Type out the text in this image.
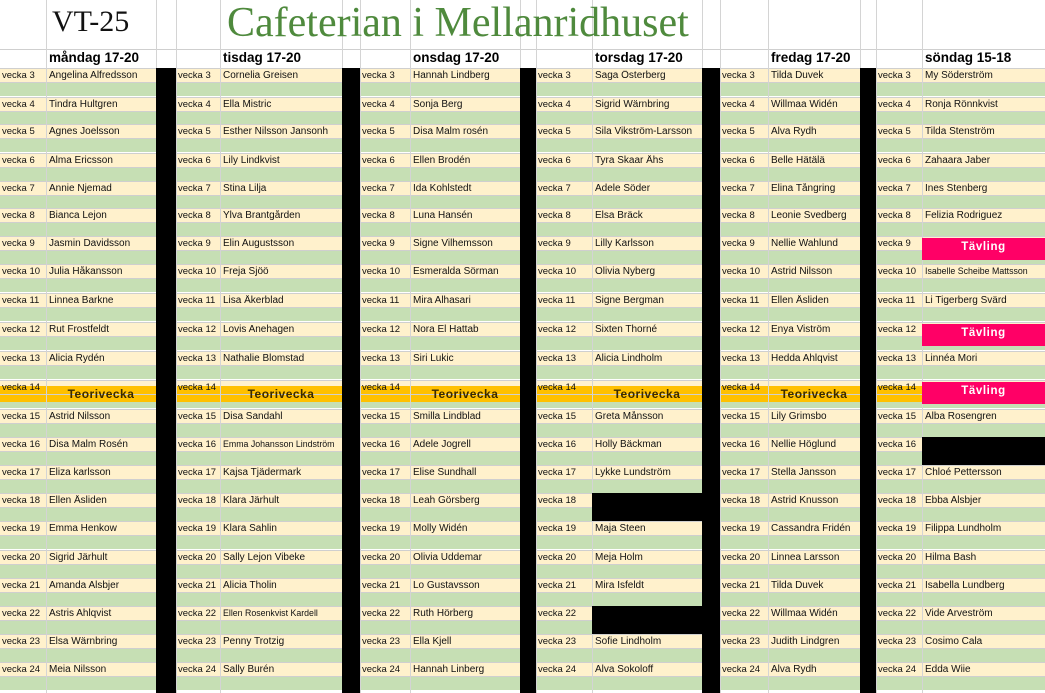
VT-25 Cafeterian i Mellanridhuset
måndag 17-20	tisdag 17-20	onsdag 17-20	torsdag 17-20	fredag 17-20	söndag 15-18
vecka 3	Angelina Alfredsson
vecka 4	Tindra Hultgren
vecka 5	Agnes Joelsson
vecka 6	Alma Ericsson
vecka 7	Annie Njemad
vecka 8	Bianca Lejon
vecka 9	Jasmin Davidsson
vecka 10 Julia Håkansson
vecka 11 Linnea Barkne
vecka 12 Rut Frostfeldt
vecka 13 Alicia Rydén
vecka 14	Teorivecka
vecka 15 Astrid Nilsson
vecka 16 Disa Malm Rosén
vecka 17 Eliza karlsson
vecka 18 Ellen Åsliden
vecka 19 Emma Henkow
vecka 20 Sigrid Järhult
vecka 21 Amanda Alsbjer
vecka 22 Astris Ahlqvist
vecka 23 Elsa Wärnbring
vecka 24 Meia Nilsson
vecka 3	Cornelia Greisen
vecka 4	Ella Mistric
vecka 5	Esther Nilsson Jansonh
vecka 6	Lily Lindkvist
vecka 7	Stina Lilja
vecka 8	Ylva Brantgården
vecka 9	Elin Augustsson
vecka 10 Freja Sjöö
vecka 11 Lisa Åkerblad
vecka 12 Lovis Anehagen
vecka 13 Nathalie Blomstad
vecka 14	Teorivecka
vecka 15 Disa Sandahl
vecka 16 Emma Johansson Lindström
vecka 17 Kajsa Tjädermark
vecka 18 Klara Järhult
vecka 19 Klara Sahlin
vecka 20 Sally Lejon Vibeke
vecka 21 Alicia Tholin
vecka 22 Ellen Rosenkvist Kardell
vecka 23 Penny Trotzig
vecka 24 Sally Burén
vecka 3	Hannah Lindberg
vecka 4	Sonja Berg
vecka 5	Disa Malm rosén
vecka 6	Ellen Brodén
vecka 7	Ida Kohlstedt
vecka 8	Luna Hansén
vecka 9	Signe Vilhemsson
vecka 10	Esmeralda Sörman
vecka 11	Mira Alhasari
vecka 12	Nora El Hattab
vecka 13	Siri Lukic
vecka 14	Teorivecka
vecka 15	Smilla Lindblad
vecka 16	Adele Jogrell
vecka 17	Elise Sundhall
vecka 18	Leah Görsberg
vecka 19	Molly Widén
vecka 20	Olivia Uddemar
vecka 21	Lo Gustavsson
vecka 22	Ruth Hörberg
vecka 23	Ella Kjell
vecka 24	Hannah Linberg
vecka 3	Saga Österberg
vecka 4	Sigrid Wärnbring
vecka 5	Sila Vikström-Larsson
vecka 6	Tyra Skaar Åhs
vecka 7	Adele Söder
vecka 8	Elsa Bräck
vecka 9	Lilly Karlsson
vecka 10	Olivia Nyberg
vecka 11	Signe Bergman
vecka 12	Sixten Thorné
vecka 13	Alicia Lindholm
vecka 14	Teorivecka
vecka 15	Greta Månsson
vecka 16	Holly Bäckman
vecka 17	Lykke Lundström
vecka 18
vecka 19	Maja Steen
vecka 20	Meja Holm
vecka 21	Mira Isfeldt
vecka 22
vecka 23	Sofie Lindholm
vecka 24	Alva Sokoloff
vecka 3	Tilda Duvek
vecka 4	Willmaa Widén
vecka 5	Alva Rydh
vecka 6	Belle Hätälä
vecka 7	Elina Tångring
vecka 8	Leonie Svedberg
vecka 9	Nellie Wahlund
vecka 10	Astrid Nilsson
vecka 11	Ellen Åsliden
vecka 12	Enya Viström
vecka 13	Hedda Ahlqvist
vecka 14	Teorivecka
vecka 15	Lily Grimsbo
vecka 16	Nellie Höglund
vecka 17	Stella Jansson
vecka 18	Astrid Knusson
vecka 19	Cassandra Fridén
vecka 20	Linnea Larsson
vecka 21	Tilda Duvek
vecka 22	Willmaa Widén
vecka 23	Judith Lindgren
vecka 24	Alva Rydh
vecka 3	My Söderström
vecka 4	Ronja Rönnkvist
vecka 5	Tilda Stenström
vecka 6	Zahaara Jaber
vecka 7	Ines Stenberg
vecka 8	Felizia Rodriguez
vecka 9	Tävling
vecka 10	Isabelle Scheibe Mattsson
vecka 11 Li Tigerberg Svärd
vecka 12	Tävling
vecka 13 Linnéa Mori
vecka 14	Tävling
vecka 15 Alba Rosengren
vecka 16
vecka 17 Chloé Pettersson
vecka 18 Ebba Alsbjer
vecka 19 Filippa Lundholm
vecka 20 Hilma Bash
vecka 21 Isabella Lundberg
vecka 22 Vide Arveström
vecka 23 Cosimo Cala
vecka 24 Edda Wiie
